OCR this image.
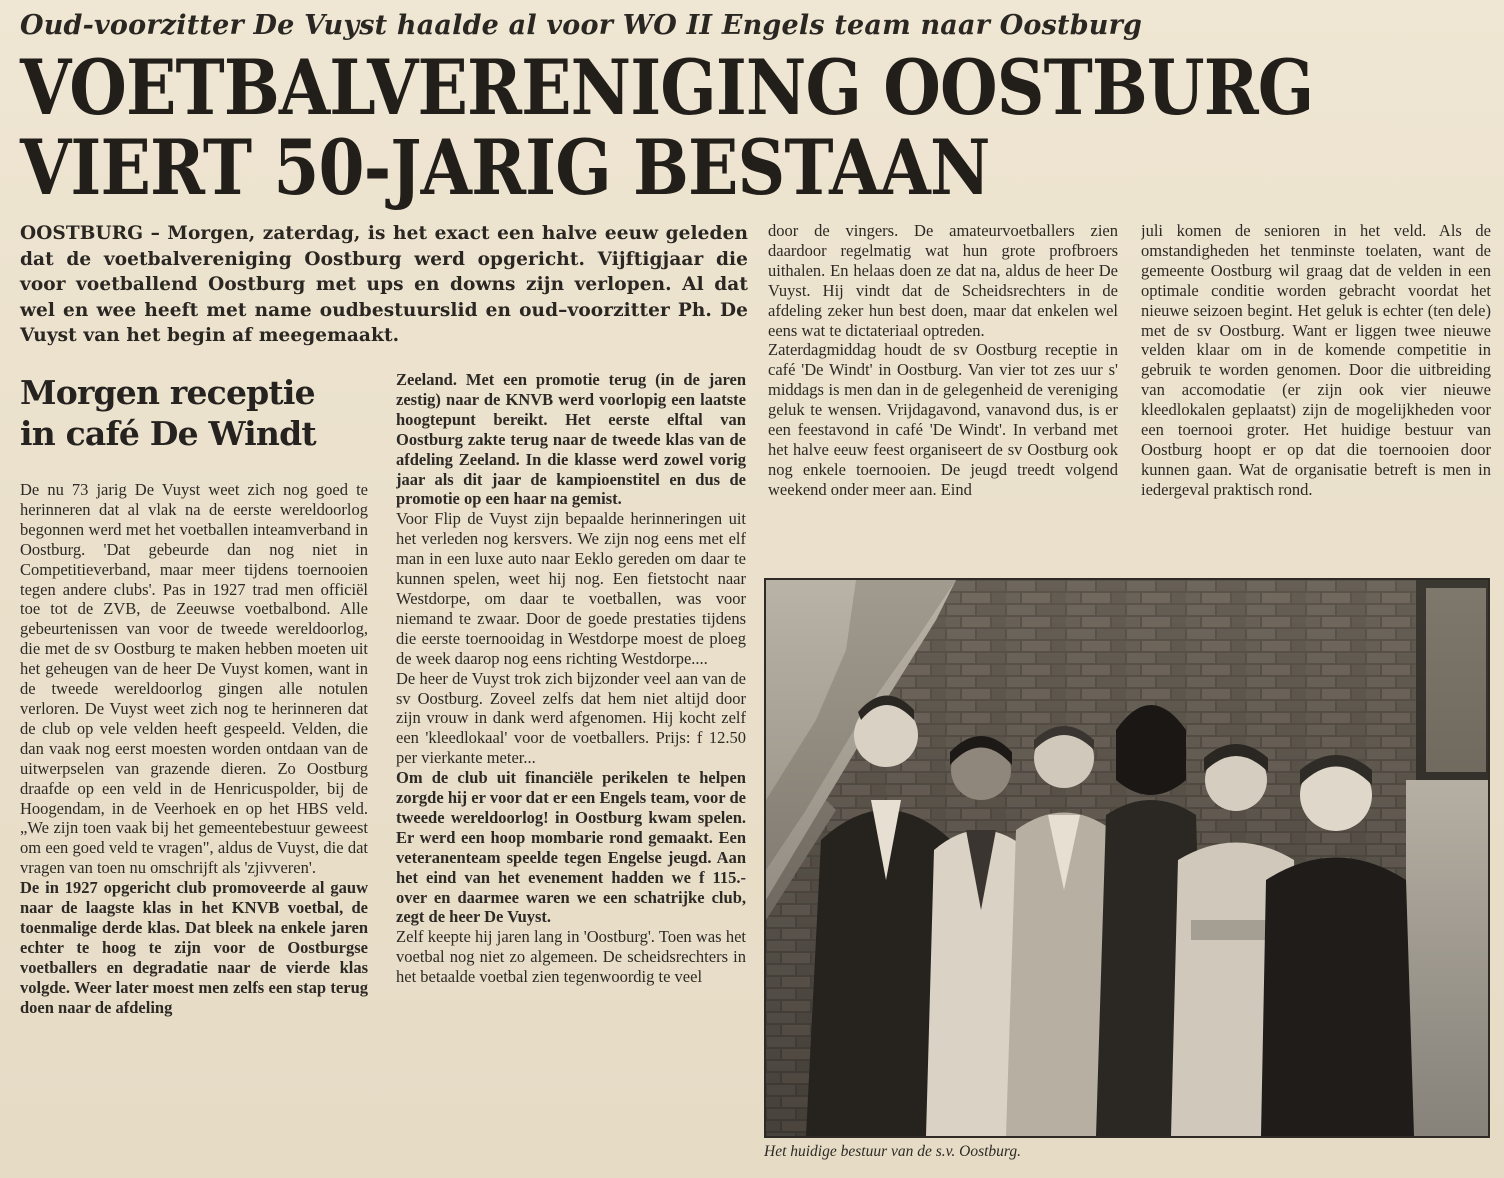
Oud-voorzitter De Vuyst haalde al voor WO II Engels team naar Oostburg
VOETBALVERENIGING OOSTBURG
VIERT 50-JARIG BESTAAN
OOSTBURG – Morgen, zaterdag, is het exact een halve eeuw geleden dat de voetbalvereniging Oostburg werd opgericht. Vijftigjaar die voor voetballend Oostburg met ups en downs zijn verlopen. Al dat wel en wee heeft met name oudbestuurslid en oud–voorzitter Ph. De Vuyst van het begin af meegemaakt.
Morgen receptie
in café De Windt

De nu 73 jarig De Vuyst weet zich nog goed te herinneren dat al vlak na de eerste wereldoorlog begonnen werd met het voetballen inteamverband in Oostburg. 'Dat gebeurde dan nog niet in Competitieverband, maar meer tijdens toernooien tegen andere clubs'. Pas in 1927 trad men officiël toe tot de ZVB, de Zeeuwse voetbalbond. Alle gebeurtenissen van voor de tweede wereldoorlog, die met de sv Oostburg te maken hebben moeten uit het geheugen van de heer De Vuyst komen, want in de tweede wereldoorlog gingen alle notulen verloren. De Vuyst weet zich nog te herinneren dat de club op vele velden heeft gespeeld. Velden, die dan vaak nog eerst moesten worden ontdaan van de uitwerpselen van grazende dieren. Zo Oostburg draafde op een veld in de Henricuspolder, bij de Hoogendam, in de Veerhoek en op het HBS veld. „We zijn toen vaak bij het gemeentebestuur geweest om een goed veld te vragen", aldus de Vuyst, die dat vragen van toen nu omschrijft als 'zjivveren'.

De in 1927 opgericht club promoveerde al gauw naar de laagste klas in het KNVB voetbal, de toenmalige derde klas. Dat bleek na enkele jaren echter te hoog te zijn voor de Oostburgse voetballers en degradatie naar de vierde klas volgde. Weer later moest men zelfs een stap terug doen naar de afdeling

Zeeland. Met een promotie terug (in de jaren zestig) naar de KNVB werd voorlopig een laatste hoogtepunt bereikt. Het eerste elftal van Oostburg zakte terug naar de tweede klas van de afdeling Zeeland. In die klasse werd zowel vorig jaar als dit jaar de kampioenstitel en dus de promotie op een haar na gemist.

Voor Flip de Vuyst zijn bepaalde herinneringen uit het verleden nog kersvers. We zijn nog eens met elf man in een luxe auto naar Eeklo gereden om daar te kunnen spelen, weet hij nog. Een fietstocht naar Westdorpe, om daar te voetballen, was voor niemand te zwaar. Door de goede prestaties tijdens die eerste toernooidag in Westdorpe moest de ploeg de week daarop nog eens richting Westdorpe....

De heer de Vuyst trok zich bijzonder veel aan van de sv Oostburg. Zoveel zelfs dat hem niet altijd door zijn vrouw in dank werd afgenomen. Hij kocht zelf een 'kleedlokaal' voor de voetballers. Prijs: f 12.50 per vierkante meter...

Om de club uit financiële perikelen te helpen zorgde hij er voor dat er een Engels team, voor de tweede wereldoorlog! in Oostburg kwam spelen. Er werd een hoop mombarie rond gemaakt. Een veteranenteam speelde tegen Engelse jeugd. Aan het eind van het evenement hadden we f 115.- over en daarmee waren we een schatrijke club, zegt de heer De Vuyst.

Zelf keepte hij jaren lang in 'Oostburg'. Toen was het voetbal nog niet zo algemeen. De scheidsrechters in het betaalde voetbal zien tegenwoordig te veel

door de vingers. De amateurvoetballers zien daardoor regelmatig wat hun grote profbroers uithalen. En helaas doen ze dat na, aldus de heer De Vuyst. Hij vindt dat de Scheidsrechters in de afdeling zeker hun best doen, maar dat enkelen wel eens wat te dictateriaal optreden.

Zaterdagmiddag houdt de sv Oostburg receptie in café 'De Windt' in Oostburg. Van vier tot zes uur s' middags is men dan in de gelegenheid de vereniging geluk te wensen. Vrijdagavond, vanavond dus, is er een feestavond in café 'De Windt'. In verband met het halve eeuw feest organiseert de sv Oostburg ook nog enkele toernooien. De jeugd treedt volgend weekend onder meer aan. Eind

juli komen de senioren in het veld. Als de omstandigheden het tenminste toelaten, want de gemeente Oostburg wil graag dat de velden in een optimale conditie worden gebracht voordat het nieuwe seizoen begint. Het geluk is echter (ten dele) met de sv Oostburg. Want er liggen twee nieuwe velden klaar om in de komende competitie in gebruik te worden genomen. Door die uitbreiding van accomodatie (er zijn ook vier nieuwe kleedlokalen geplaatst) zijn de mogelijkheden voor een toernooi groter. Het huidige bestuur van Oostburg hoopt er op dat die toernooien door kunnen gaan. Wat de organisatie betreft is men in iedergeval praktisch rond.

Het huidige bestuur van de s.v. Oostburg.
